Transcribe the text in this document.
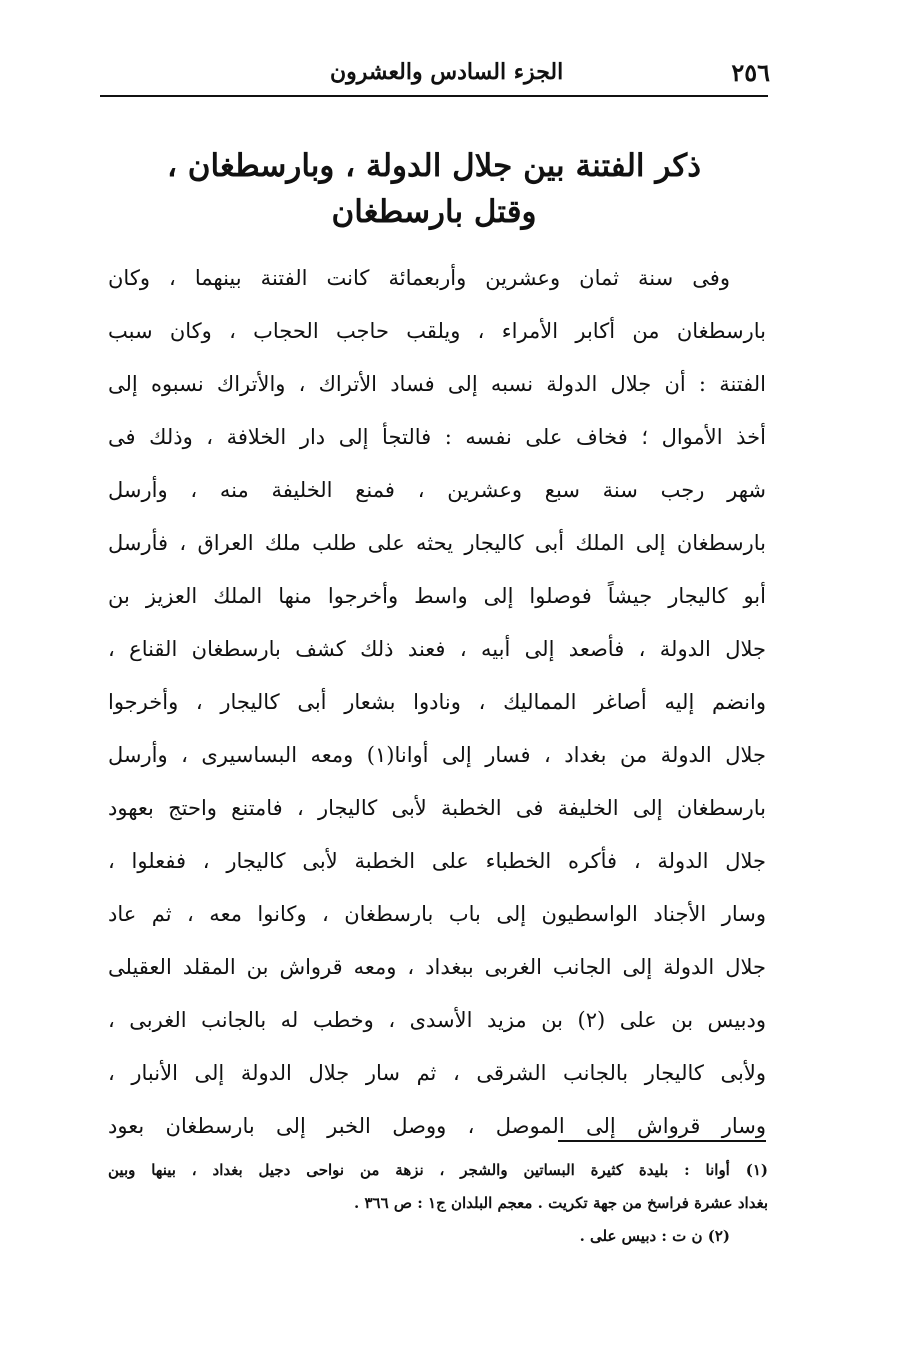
٢٥٦
الجزء السادس والعشرون
ذكر الفتنة بين جلال الدولة ، وبارسطغان ،
وقتل بارسطغان
وفى سنة ثمان وعشرين وأربعمائة كانت الفتنة بينهما ، وكان
بارسطغان من أكابر الأمراء ، ويلقب حاجب الحجاب ، وكان سبب
الفتنة : أن جلال الدولة نسبه إلى فساد الأتراك ، والأتراك نسبوه إلى
أخذ الأموال ؛ فخاف على نفسه : فالتجأ إلى دار الخلافة ، وذلك فى
شهر رجب سنة سبع وعشرين ، فمنع الخليفة منه ، وأرسل
بارسطغان إلى الملك أبى كاليجار يحثه على طلب ملك العراق ، فأرسل
أبو كاليجار جيشاً فوصلوا إلى واسط وأخرجوا منها الملك العزيز بن
جلال الدولة ، فأصعد إلى أبيه ، فعند ذلك كشف بارسطغان القناع ،
وانضم إليه أصاغر المماليك ، ونادوا بشعار أبى كاليجار ، وأخرجوا
جلال الدولة من بغداد ، فسار إلى أوانا(١) ومعه البساسيرى ، وأرسل
بارسطغان إلى الخليفة فى الخطبة لأبى كاليجار ، فامتنع واحتج بعهود
جلال الدولة ، فأكره الخطباء على الخطبة لأبى كاليجار ، ففعلوا ،
وسار الأجناد الواسطيون إلى باب بارسطغان ، وكانوا معه ، ثم عاد
جلال الدولة إلى الجانب الغربى ببغداد ، ومعه قرواش بن المقلد العقيلى
ودبيس بن على (٢) بن مزيد الأسدى ، وخطب له بالجانب الغربى ،
ولأبى كاليجار بالجانب الشرقى ، ثم سار جلال الدولة إلى الأنبار ،
وسار قرواش إلى الموصل ، ووصل الخبر إلى بارسطغان بعود
(١) أوانا : بليدة كثيرة البساتين والشجر ، نزهة من نواحى دجيل بغداد ، بينها وبين
بغداد عشرة فراسخ من جهة تكريت . معجم البلدان ج١ : ص ٣٦٦ .
(٢) ن ت : دبيس على .
